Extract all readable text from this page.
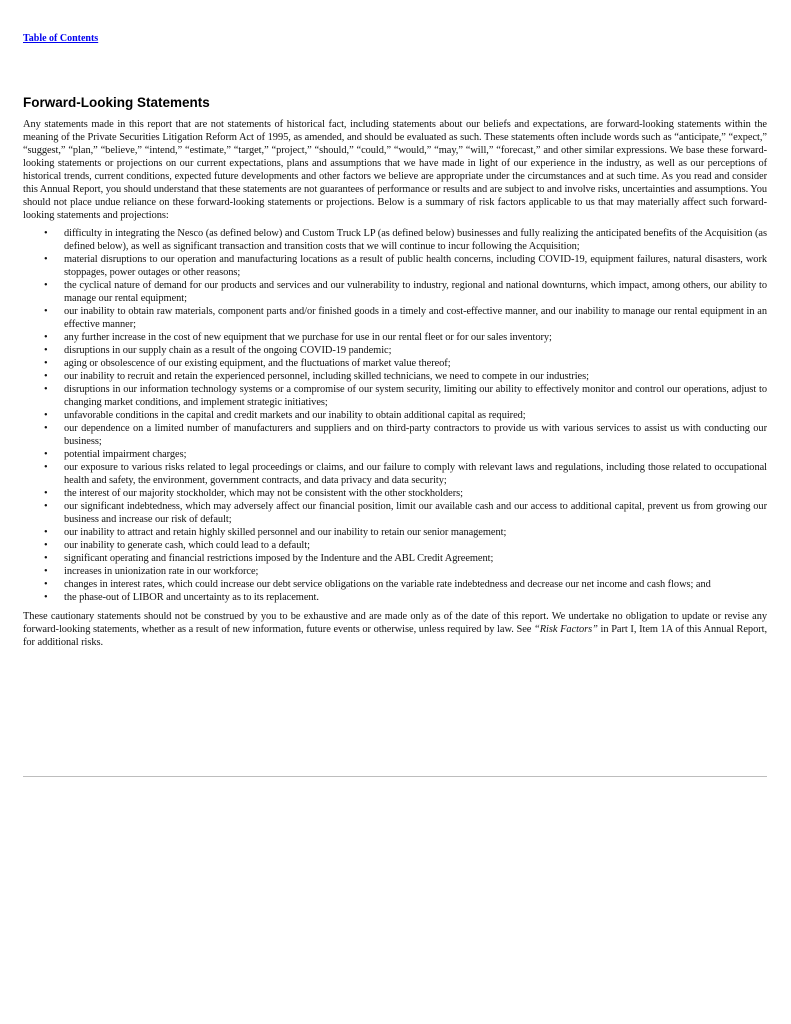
Table of Contents
Forward-Looking Statements

Any statements made in this report that are not statements of historical fact, including statements about our beliefs and expectations, are forward-looking statements within the meaning of the Private Securities Litigation Reform Act of 1995, as amended, and should be evaluated as such. These statements often include words such as “anticipate,” “expect,” “suggest,” “plan,” “believe,” “intend,” “estimate,” “target,” “project,” “should,” “could,” “would,” “may,” “will,” “forecast,” and other similar expressions. We base these forward-looking statements or projections on our current expectations, plans and assumptions that we have made in light of our experience in the industry, as well as our perceptions of historical trends, current conditions, expected future developments and other factors we believe are appropriate under the circumstances and at such time. As you read and consider this Annual Report, you should understand that these statements are not guarantees of performance or results and are subject to and involve risks, uncertainties and assumptions. You should not place undue reliance on these forward-looking statements or projections. Below is a summary of risk factors applicable to us that may materially affect such forward-looking statements and projections:

• difficulty in integrating the Nesco (as defined below) and Custom Truck LP (as defined below) businesses and fully realizing the anticipated benefits of the Acquisition (as defined below), as well as significant transaction and transition costs that we will continue to incur following the Acquisition;
• material disruptions to our operation and manufacturing locations as a result of public health concerns, including COVID-19, equipment failures, natural disasters, work stoppages, power outages or other reasons;
• the cyclical nature of demand for our products and services and our vulnerability to industry, regional and national downturns, which impact, among others, our ability to manage our rental equipment;
• our inability to obtain raw materials, component parts and/or finished goods in a timely and cost-effective manner, and our inability to manage our rental equipment in an effective manner;
• any further increase in the cost of new equipment that we purchase for use in our rental fleet or for our sales inventory;
• disruptions in our supply chain as a result of the ongoing COVID-19 pandemic;
• aging or obsolescence of our existing equipment, and the fluctuations of market value thereof;
• our inability to recruit and retain the experienced personnel, including skilled technicians, we need to compete in our industries;
• disruptions in our information technology systems or a compromise of our system security, limiting our ability to effectively monitor and control our operations, adjust to changing market conditions, and implement strategic initiatives;
• unfavorable conditions in the capital and credit markets and our inability to obtain additional capital as required;
• our dependence on a limited number of manufacturers and suppliers and on third-party contractors to provide us with various services to assist us with conducting our business;
• potential impairment charges;
• our exposure to various risks related to legal proceedings or claims, and our failure to comply with relevant laws and regulations, including those related to occupational health and safety, the environment, government contracts, and data privacy and data security;
• the interest of our majority stockholder, which may not be consistent with the other stockholders;
• our significant indebtedness, which may adversely affect our financial position, limit our available cash and our access to additional capital, prevent us from growing our business and increase our risk of default;
• our inability to attract and retain highly skilled personnel and our inability to retain our senior management;
• our inability to generate cash, which could lead to a default;
• significant operating and financial restrictions imposed by the Indenture and the ABL Credit Agreement;
• increases in unionization rate in our workforce;
• changes in interest rates, which could increase our debt service obligations on the variable rate indebtedness and decrease our net income and cash flows; and
• the phase-out of LIBOR and uncertainty as to its replacement.

These cautionary statements should not be construed by you to be exhaustive and are made only as of the date of this report. We undertake no obligation to update or revise any forward-looking statements, whether as a result of new information, future events or otherwise, unless required by law. See “Risk Factors” in Part I, Item 1A of this Annual Report, for additional risks.
